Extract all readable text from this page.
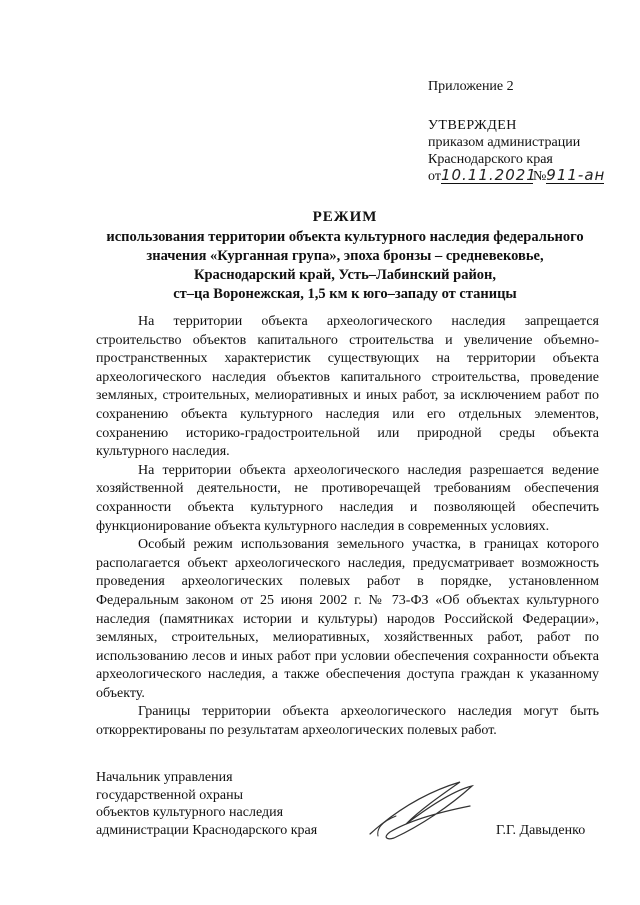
Приложение 2
УТВЕРЖДЕН
приказом администрации
Краснодарского края
от10.11.2021№911-ан
РЕЖИМ
использования территории объекта культурного наследия федерального
значения «Курганная група», эпоха бронзы – средневековье,
Краснодарский край, Усть–Лабинский район,
ст–ца Воронежская, 1,5 км к юго–западу от станицы

На территории объекта археологического наследия запрещается строительство объектов капитального строительства и увеличение объемно-пространственных характеристик существующих на территории объекта археологического наследия объектов капитального строительства, проведение земляных, строительных, мелиоративных и иных работ, за исключением работ по сохранению объекта культурного наследия или его отдельных элементов, сохранению историко-градостроительной или природной среды объекта культурного наследия.

На территории объекта археологического наследия разрешается ведение хозяйственной деятельности, не противоречащей требованиям обеспечения сохранности объекта культурного наследия и позволяющей обеспечить функционирование объекта культурного наследия в современных условиях.

Особый режим использования земельного участка, в границах которого располагается объект археологического наследия, предусматривает возможность проведения археологических полевых работ в порядке, установленном Федеральным законом от 25 июня 2002 г. № 73-ФЗ «Об объектах культурного наследия (памятниках истории и культуры) народов Российской Федерации», земляных, строительных, мелиоративных, хозяйственных работ, работ по использованию лесов и иных работ при условии обеспечения сохранности объекта археологического наследия, а также обеспечения доступа граждан к указанному объекту.

Границы территории объекта археологического наследия могут быть откорректированы по результатам археологических полевых работ.

Начальник управления
государственной охраны
объектов культурного наследия
администрации Краснодарского края	Г.Г. Давыденко
